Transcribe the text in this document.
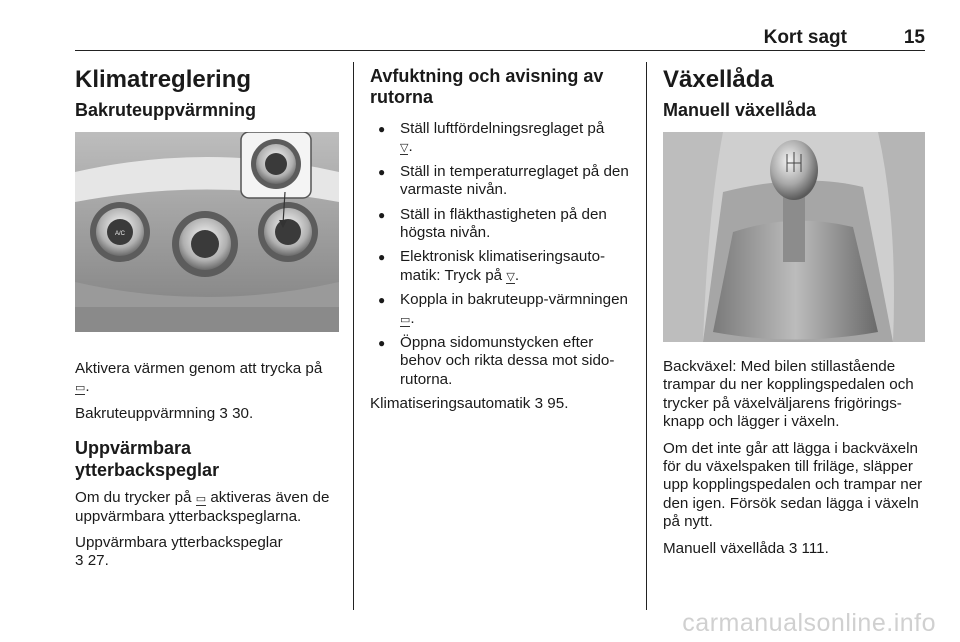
Kort sagt	15
Klimatreglering
Bakruteuppvärmning
A/C

Aktivera värmen genom att trycka på
▭.

Bakruteuppvärmning 3 30.

Uppvärmbara ytterbackspeglar

Om du trycker på ▭ aktiveras även de uppvärmbara ytterbackspeglarna.

Uppvärmbara ytterbackspeglar
3 27.

Avfuktning och avisning av rutorna
● Ställ luftfördelningsreglaget på
▽.
● Ställ in temperaturreglaget på den varmaste nivån.
● Ställ in fläkthastigheten på den högsta nivån.
● Elektronisk klimatiseringsauto-matik: Tryck på ▽.
● Koppla in bakruteupp-värmningen ▭.
● Öppna sidomunstycken efter behov och rikta dessa mot sido-rutorna.

Klimatiseringsautomatik 3 95.

Växellåda
Manuell växellåda

Backväxel: Med bilen stillastående trampar du ner kopplingspedalen och trycker på växelväljarens frigörings-knapp och lägger i växeln.

Om det inte går att lägga i backväxeln för du växelspaken till friläge, släpper upp kopplingspedalen och trampar ner den igen. Försök sedan lägga i växeln på nytt.

Manuell växellåda 3 111.

carmanualsonline.info
